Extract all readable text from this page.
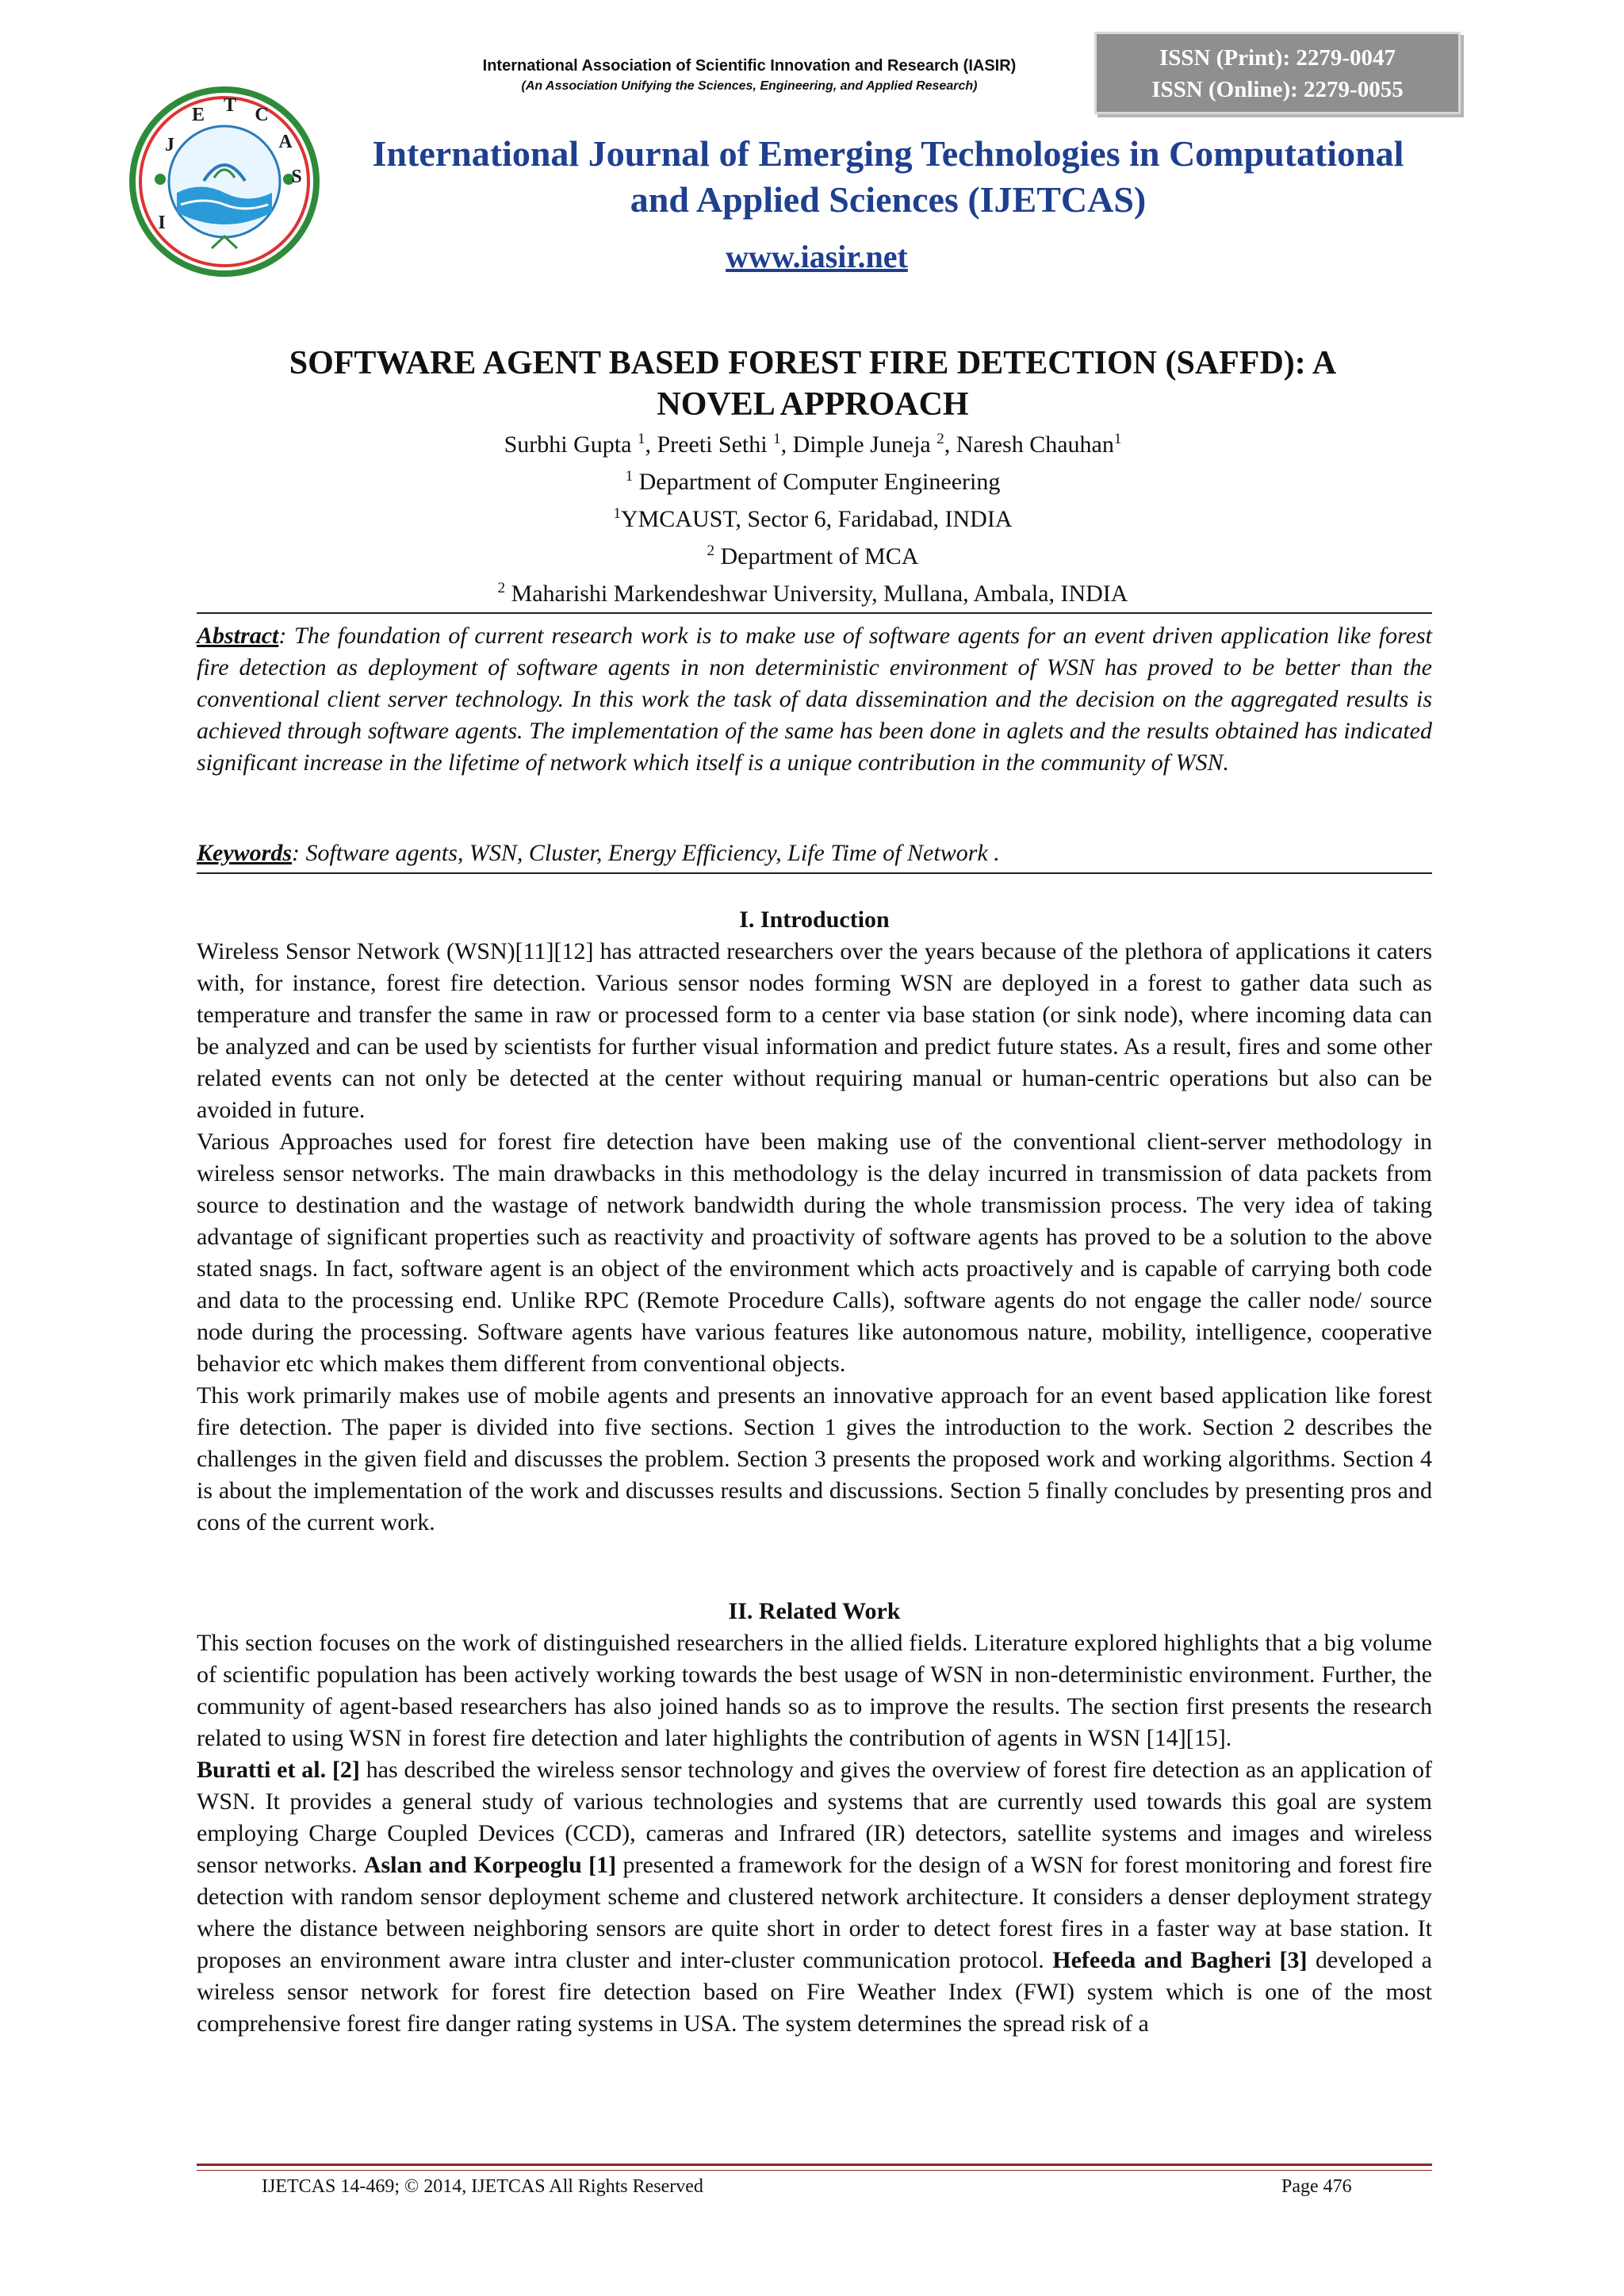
International Association of Scientific Innovation and Research (IASIR)
(An Association Unifying the Sciences, Engineering, and Applied Research)
ISSN (Print): 2279-0047
ISSN (Online): 2279-0055
I
J
E T C
A
S
International Journal of Emerging Technologies in Computational
and Applied Sciences (IJETCAS)
www.iasir.net
SOFTWARE AGENT BASED FOREST FIRE DETECTION (SAFFD): A
NOVEL APPROACH
Surbhi Gupta $^1$, Preeti Sethi $^1$, Dimple Juneja $^2$, Naresh Chauhan$^1$
$^1$ Department of Computer Engineering
$^1$YMCAUST, Sector 6, Faridabad, INDIA
$^2$ Department of MCA
$^2$ Maharishi Markendeshwar University, Mullana, Ambala, INDIA
Abstract: The foundation of current research work is to make use of software agents for an event driven application like forest fire detection as deployment of software agents in non deterministic environment of WSN has proved to be better than the conventional client server technology. In this work the task of data dissemination and the decision on the aggregated results is achieved through software agents. The implementation of the same has been done in aglets and the results obtained has indicated significant increase in the lifetime of network which itself is a unique contribution in the community of WSN.
Keywords: Software agents, WSN, Cluster, Energy Efficiency, Life Time of Network .
I. Introduction

Wireless Sensor Network (WSN)[11][12] has attracted researchers over the years because of the plethora of applications it caters with, for instance, forest fire detection. Various sensor nodes forming WSN are deployed in a forest to gather data such as temperature and transfer the same in raw or processed form to a center via base station (or sink node), where incoming data can be analyzed and can be used by scientists for further visual information and predict future states. As a result, fires and some other related events can not only be detected at the center without requiring manual or human-centric operations but also can be avoided in future.

Various Approaches used for forest fire detection have been making use of the conventional client-server methodology in wireless sensor networks. The main drawbacks in this methodology is the delay incurred in transmission of data packets from source to destination and the wastage of network bandwidth during the whole transmission process. The very idea of taking advantage of significant properties such as reactivity and proactivity of software agents has proved to be a solution to the above stated snags. In fact, software agent is an object of the environment which acts proactively and is capable of carrying both code and data to the processing end. Unlike RPC (Remote Procedure Calls), software agents do not engage the caller node/ source node during the processing. Software agents have various features like autonomous nature, mobility, intelligence, cooperative behavior etc which makes them different from conventional objects.

This work primarily makes use of mobile agents and presents an innovative approach for an event based application like forest fire detection. The paper is divided into five sections. Section 1 gives the introduction to the work. Section 2 describes the challenges in the given field and discusses the problem. Section 3 presents the proposed work and working algorithms. Section 4 is about the implementation of the work and discusses results and discussions. Section 5 finally concludes by presenting pros and cons of the current work.

II. Related Work

This section focuses on the work of distinguished researchers in the allied fields. Literature explored highlights that a big volume of scientific population has been actively working towards the best usage of WSN in non-deterministic environment. Further, the community of agent-based researchers has also joined hands so as to improve the results. The section first presents the research related to using WSN in forest fire detection and later highlights the contribution of agents in WSN [14][15].

Buratti et al. [2] has described the wireless sensor technology and gives the overview of forest fire detection as an application of WSN. It provides a general study of various technologies and systems that are currently used towards this goal are system employing Charge Coupled Devices (CCD), cameras and Infrared (IR) detectors, satellite systems and images and wireless sensor networks. Aslan and Korpeoglu [1] presented a framework for the design of a WSN for forest monitoring and forest fire detection with random sensor deployment scheme and clustered network architecture. It considers a denser deployment strategy where the distance between neighboring sensors are quite short in order to detect forest fires in a faster way at base station. It proposes an environment aware intra cluster and inter-cluster communication protocol. Hefeeda and Bagheri [3] developed a wireless sensor network for forest fire detection based on Fire Weather Index (FWI) system which is one of the most comprehensive forest fire danger rating systems in USA. The system determines the spread risk of a

IJETCAS 14-469; © 2014, IJETCAS All Rights Reserved	Page 476
